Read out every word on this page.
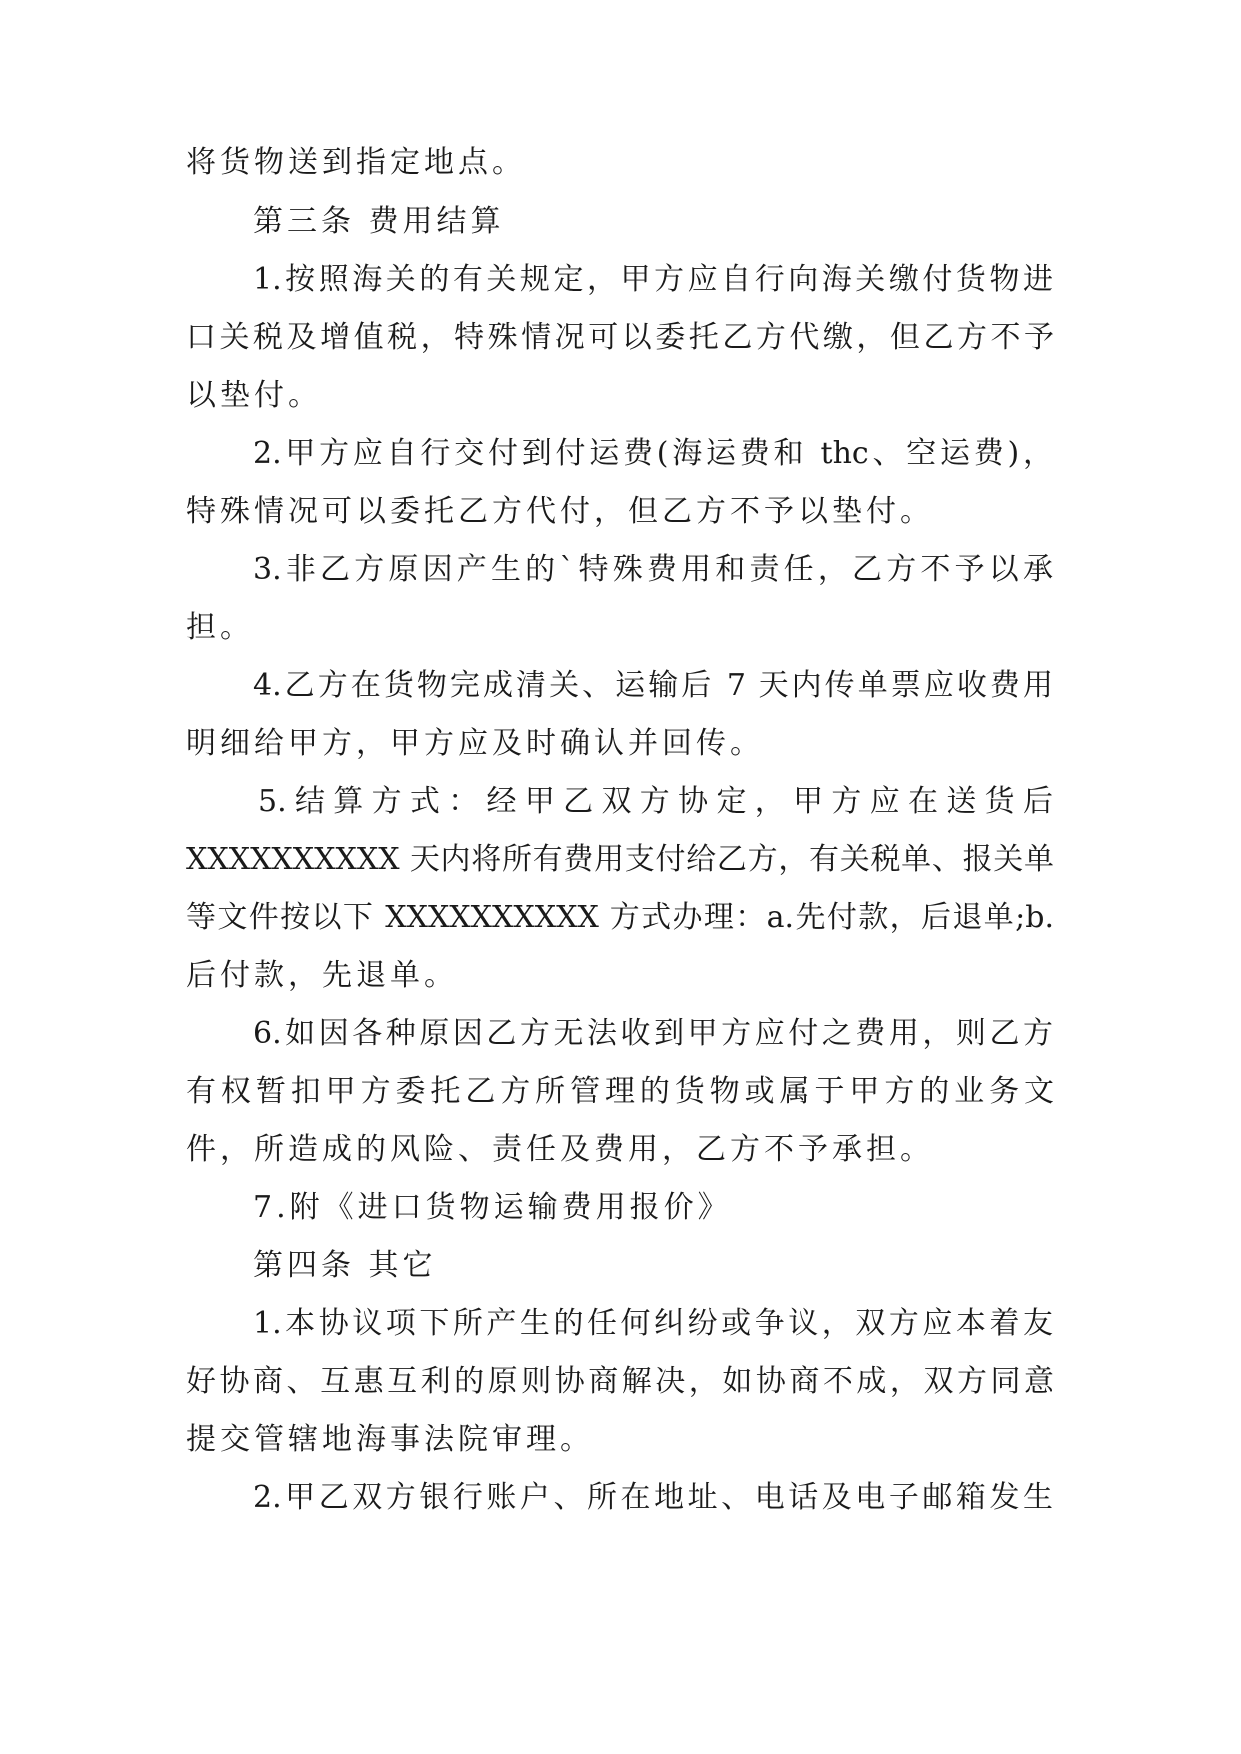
将货物送到指定地点。
第三条 费用结算
1.按照海关的有关规定，甲方应自行向海关缴付货物进
口关税及增值税，特殊情况可以委托乙方代缴，但乙方不予
以垫付。
2.甲方应自行交付到付运费(海运费和 thc、空运费)，
特殊情况可以委托乙方代付，但乙方不予以垫付。
3.非乙方原因产生的`特殊费用和责任，乙方不予以承
担。
4.乙方在货物完成清关、运输后 7 天内传单票应收费用
明细给甲方，甲方应及时确认并回传。
5.结算方式：经甲乙双方协定，甲方应在送货后
XXXXXXXXXX 天内将所有费用支付给乙方，有关税单、报关单
等文件按以下 XXXXXXXXXX 方式办理：a.先付款，后退单;b.
后付款，先退单。
6.如因各种原因乙方无法收到甲方应付之费用，则乙方
有权暂扣甲方委托乙方所管理的货物或属于甲方的业务文
件，所造成的风险、责任及费用，乙方不予承担。
7.附《进口货物运输费用报价》
第四条 其它
1.本协议项下所产生的任何纠纷或争议，双方应本着友
好协商、互惠互利的原则协商解决，如协商不成，双方同意
提交管辖地海事法院审理。
2.甲乙双方银行账户、所在地址、电话及电子邮箱发生
